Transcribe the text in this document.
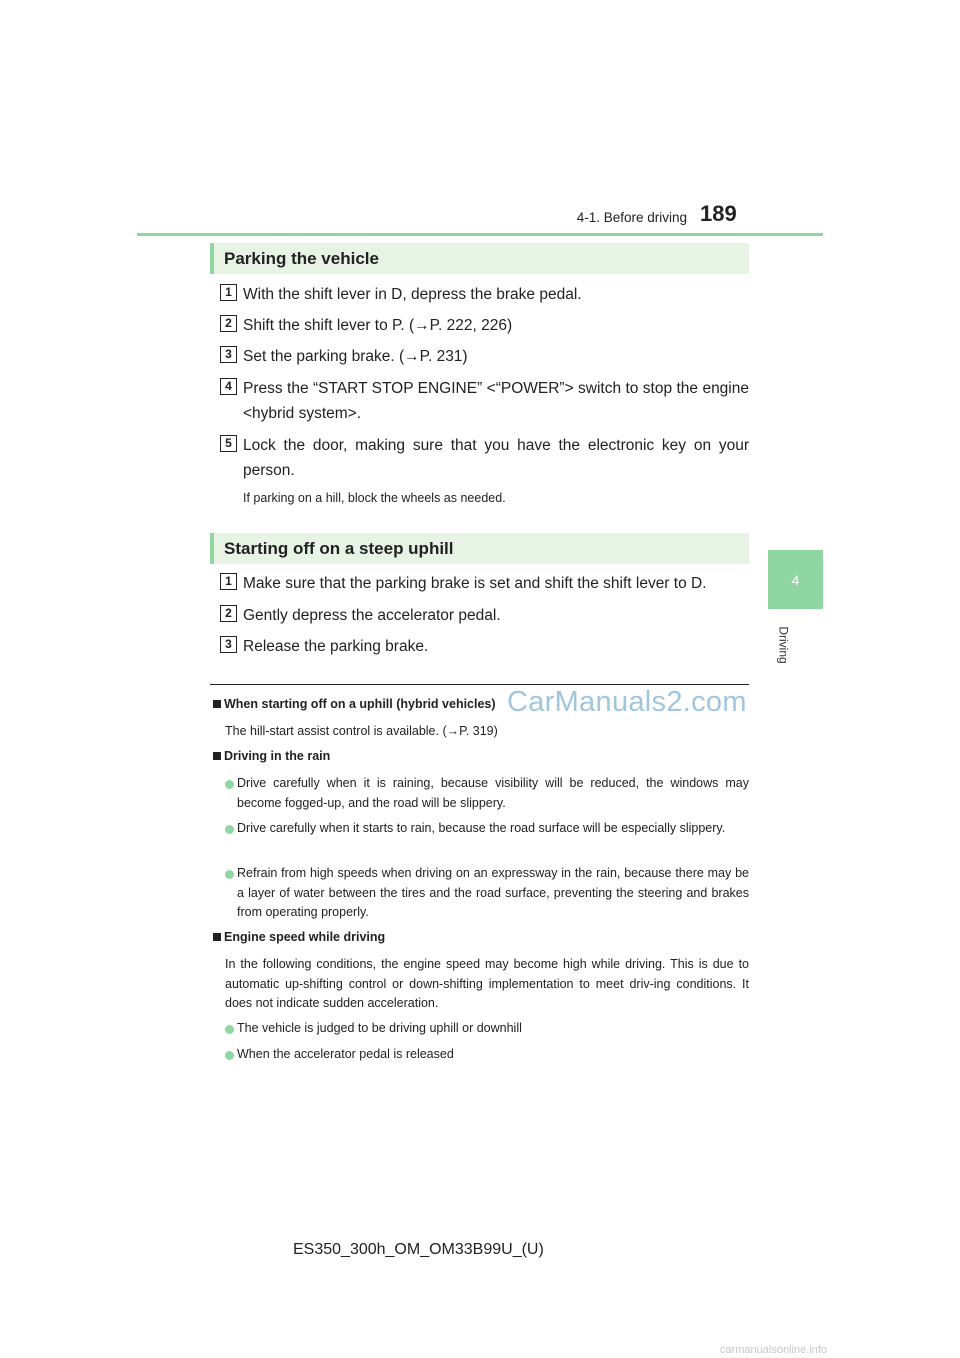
4-1. Before driving 189
4
Driving
Parking the vehicle
1 With the shift lever in D, depress the brake pedal.
2 Shift the shift lever to P. (→P. 222, 226)
3 Set the parking brake. (→P. 231)
4 Press the “START STOP ENGINE” <“POWER”> switch to stop the engine <hybrid system>.
5 Lock the door, making sure that you have the electronic key on your person.
If parking on a hill, block the wheels as needed.
Starting off on a steep uphill
1 Make sure that the parking brake is set and shift the shift lever to D.
2 Gently depress the accelerator pedal.
3 Release the parking brake.
When starting off on a uphill (hybrid vehicles)
The hill-start assist control is available. (→P. 319)
Driving in the rain
Drive carefully when it is raining, because visibility will be reduced, the windows may become fogged-up, and the road will be slippery.
Drive carefully when it starts to rain, because the road surface will be especially slippery.
Refrain from high speeds when driving on an expressway in the rain, because there may be a layer of water between the tires and the road surface, preventing the steering and brakes from operating properly.
Engine speed while driving
In the following conditions, the engine speed may become high while driving. This is due to automatic up-shifting control or down-shifting implementation to meet driv-ing conditions. It does not indicate sudden acceleration.
The vehicle is judged to be driving uphill or downhill
When the accelerator pedal is released
CarManuals2.com
ES350_300h_OM_OM33B99U_(U)
carmanualsonline.info
